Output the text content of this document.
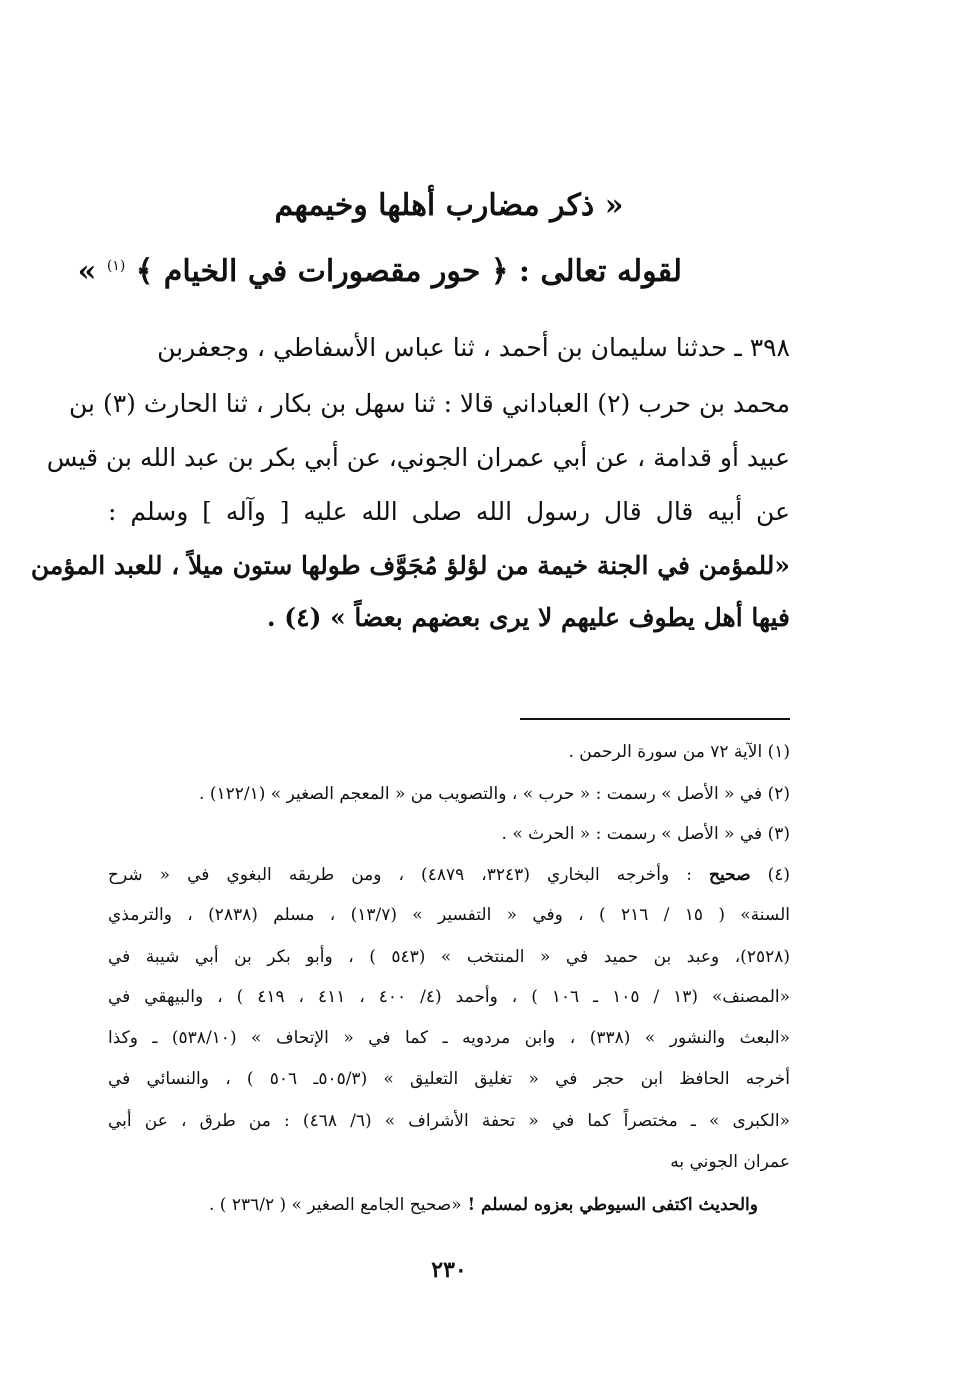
« ذكر مضارب أهلها وخيمهم
لقوله تعالى : ﴿ حور مقصورات في الخيام ﴾ $^{(١)}$ »
٣٩٨ ـ حدثنا سليمان بن أحمد ، ثنا عباس الأسفاطي ، وجعفربن
محمد بن حرب (٢) العباداني قالا : ثنا سهل بن بكار ، ثنا الحارث (٣) بن
عبيد أو قدامة ، عن أبي عمران الجوني، عن أبي بكر بن عبد الله بن قيس
عن أبيه قال قال رسول الله صلى الله عليه [ وآله ] وسلم :
«للمؤمن في الجنة خيمة من لؤلؤ مُجَوَّف طولها ستون ميلاً ، للعبد المؤمن
فيها أهل يطوف عليهم لا يرى بعضهم بعضاً » (٤) .
(١) الآية ٧٢ من سورة الرحمن .
(٢) في « الأصل » رسمت : « حرب » ، والتصويب من « المعجم الصغير » (١٢٢/١) .
(٣) في « الأصل » رسمت : « الحرث » .
(٤) صحيح : وأخرجه البخاري (٣٢٤٣، ٤٨٧٩) ، ومن طريقه البغوي في « شرح
السنة» ( ١٥ / ٢١٦ ) ، وفي « التفسير » (١٣/٧) ، مسلم (٢٨٣٨) ، والترمذي
(٢٥٢٨)، وعبد بن حميد في « المنتخب » (٥٤٣ ) ، وأبو بكر بن أبي شيبة في
«المصنف» (١٣ / ١٠٥ ـ ١٠٦ ) ، وأحمد (٤/ ٤٠٠ ، ٤١١ ، ٤١٩ ) ، والبيهقي في
«البعث والنشور » (٣٣٨) ، وابن مردويه ـ كما في « الإتحاف » (٥٣٨/١٠) ـ وكذا
أخرجه الحافظ ابن حجر في « تغليق التعليق » (٥٠٥/٣ـ ٥٠٦ ) ، والنسائي في
«الكبرى » ـ مختصراً كما في « تحفة الأشراف » (٦/ ٤٦٨) : من طرق ، عن أبي
عمران الجوني به
والحديث اكتفى السيوطي بعزوه لمسلم ! «صحيح الجامع الصغير » ( ٢٣٦/٢ ) .
٢٣٠
